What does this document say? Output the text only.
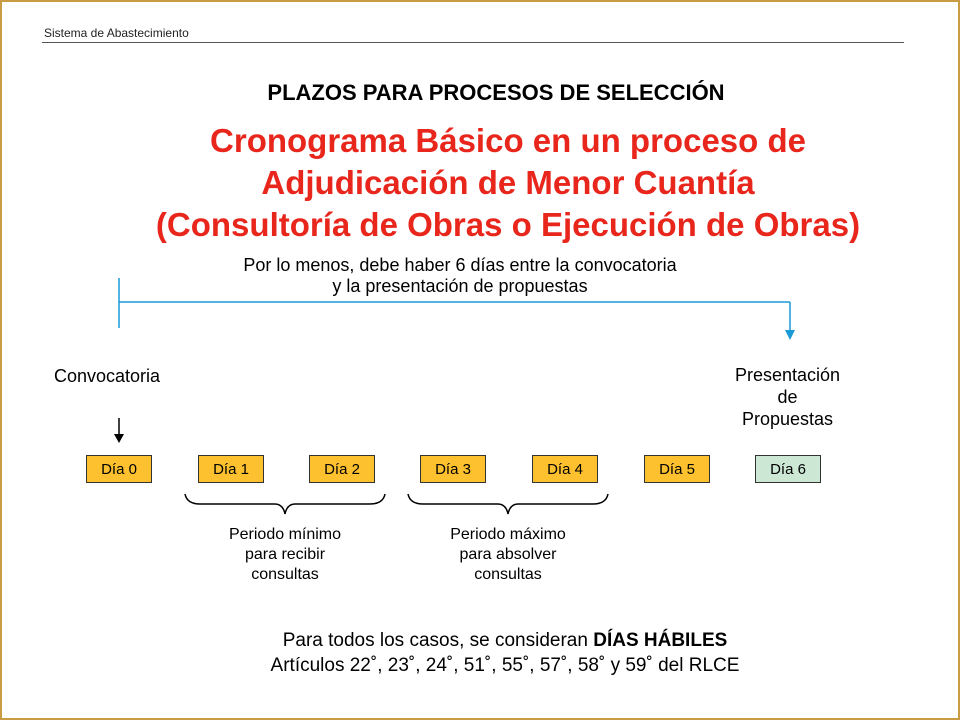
Sistema de Abastecimiento
PLAZOS PARA PROCESOS DE SELECCIÓN
Cronograma Básico en un proceso de
Adjudicación de Menor Cuantía
(Consultoría de Obras o Ejecución de Obras)
Por lo menos, debe haber 6 días entre la convocatoria
y la presentación de propuestas
Convocatoria	Presentación
de
Propuestas
Día 0	Día 1	Día 2	Día 3	Día 4	Día 5	Día 6
Periodo mínimo
para recibir
consultas
Periodo máximo
para absolver
consultas
Para todos los casos, se consideran DÍAS HÁBILES
Artículos 22˚, 23˚, 24˚, 51˚, 55˚, 57˚, 58˚ y 59˚ del RLCE
